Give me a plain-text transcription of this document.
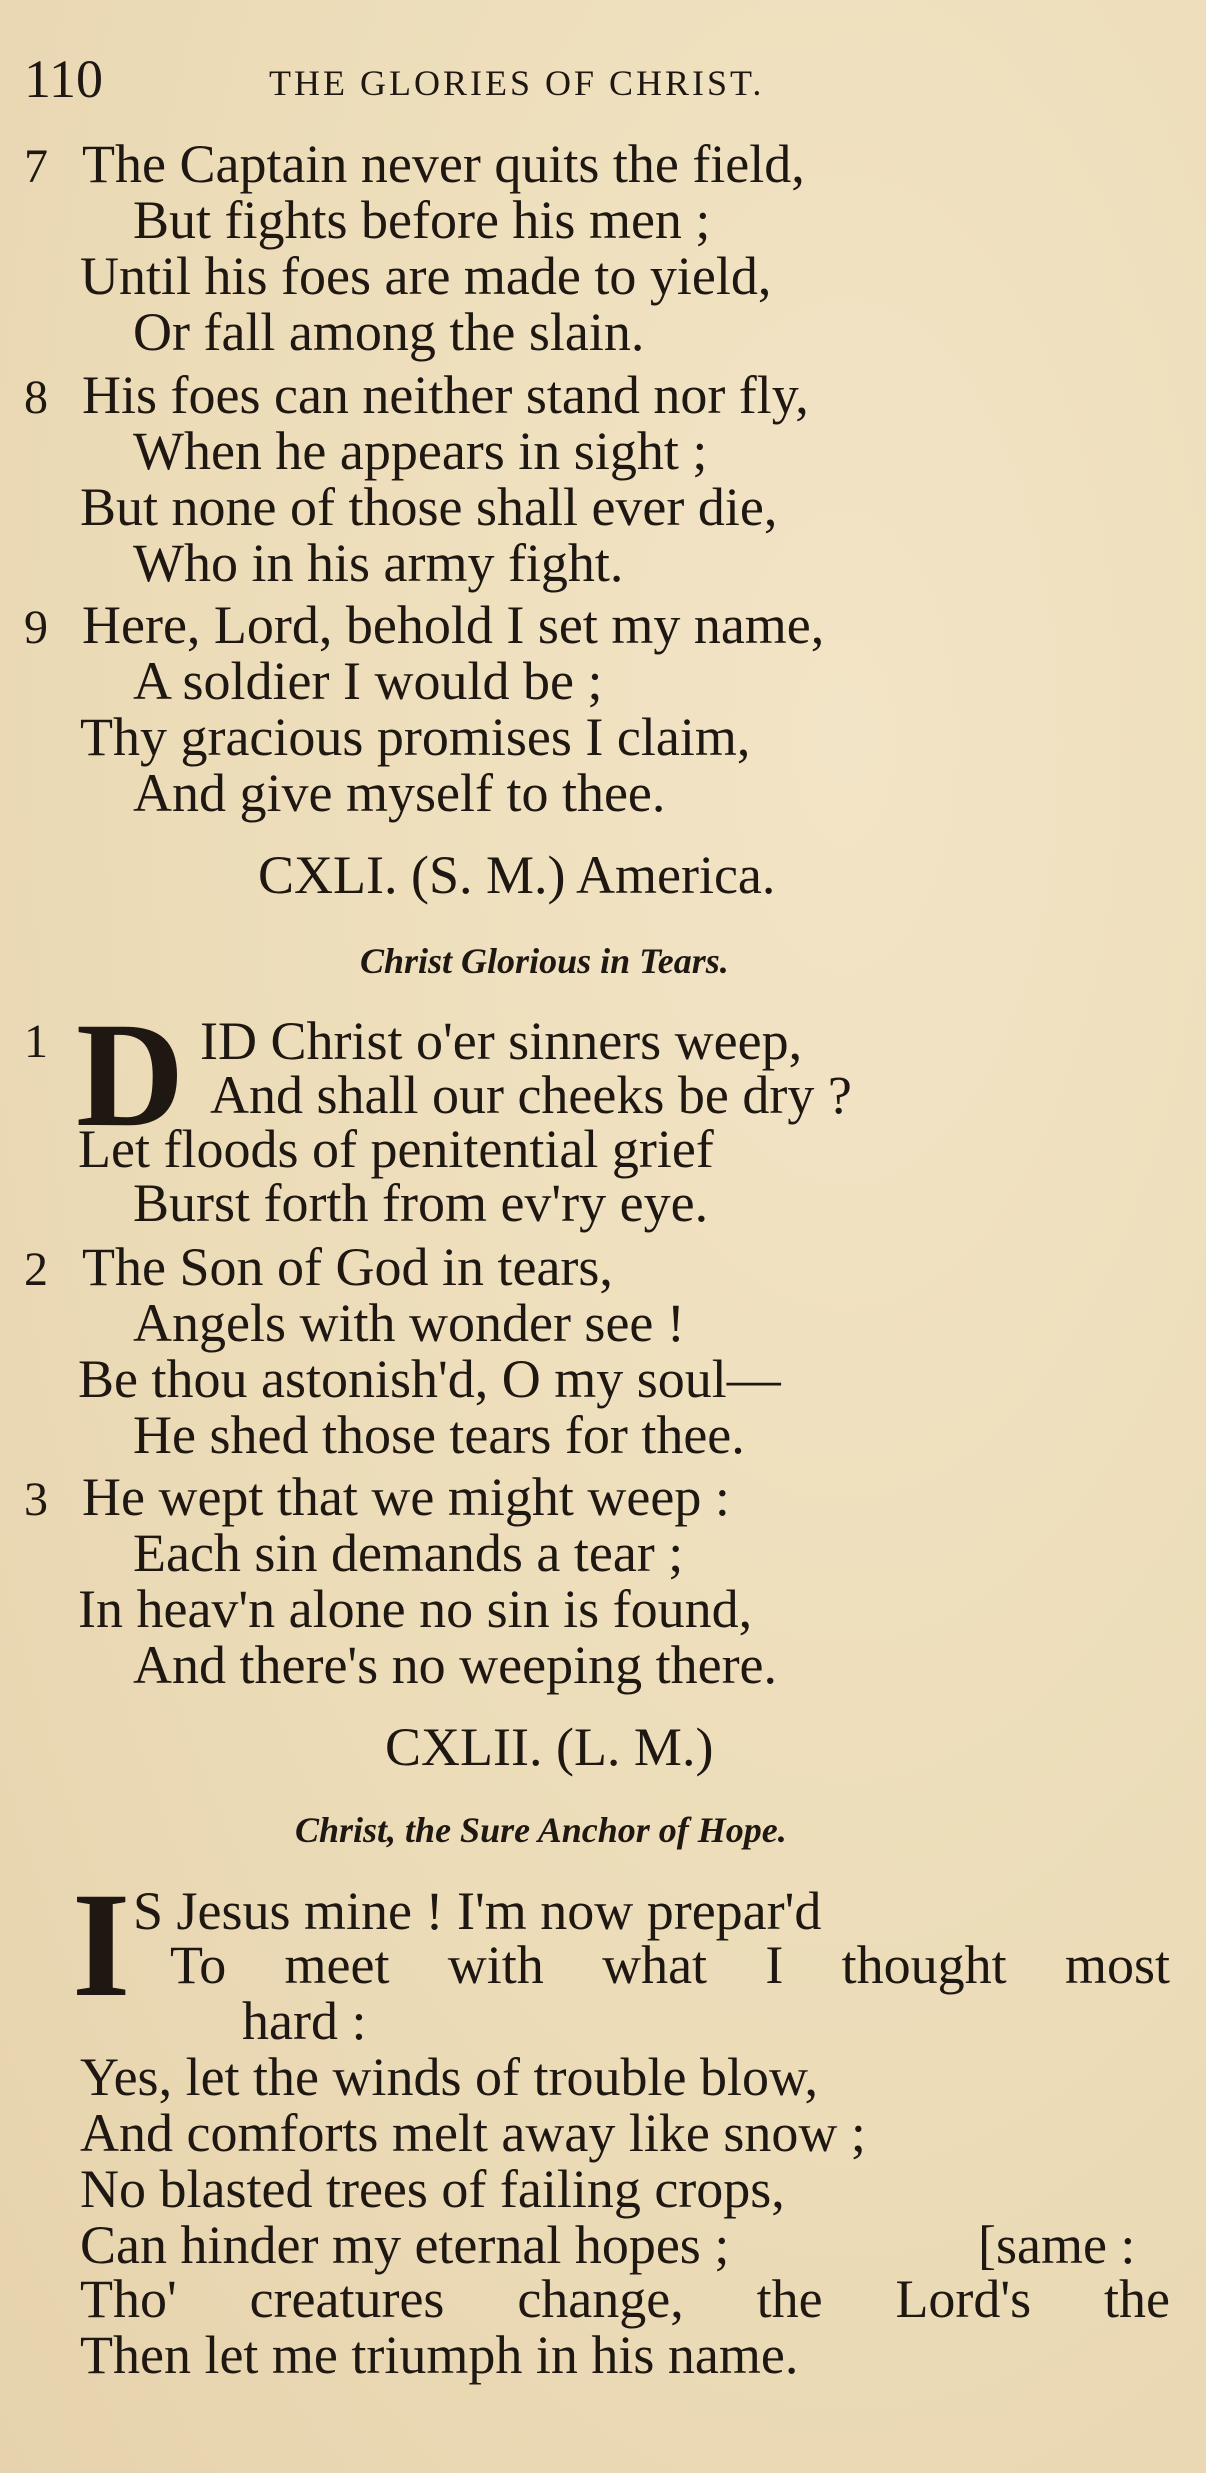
110	THE GLORIES OF CHRIST.
7 The Captain never quits the field,
But fights before his men ;
Until his foes are made to yield,
Or fall among the slain.
8 His foes can neither stand nor fly,
When he appears in sight ;
But none of those shall ever die,
Who in his army fight.
9 Here, Lord, behold I set my name,
A soldier I would be ;
Thy gracious promises I claim,
And give myself to thee.
CXLI. (S. M.) America.
Christ Glorious in Tears.
1 D ID Christ o'er sinners weep,
And shall our cheeks be dry ?
Let floods of penitential grief
Burst forth from ev'ry eye.
2 The Son of God in tears,
Angels with wonder see !
Be thou astonish'd, O my soul—
He shed those tears for thee.
3 He wept that we might weep :
Each sin demands a tear ;
In heav'n alone no sin is found,
And there's no weeping there.
CXLII. (L. M.)
Christ, the Sure Anchor of Hope.
I S Jesus mine ! I'm now prepar'd
To meet with what I thought most
hard :
Yes, let the winds of trouble blow,
And comforts melt away like snow ;
No blasted trees of failing crops,
Can hinder my eternal hopes ;	[same :
Tho' creatures change, the Lord's the
Then let me triumph in his name.
